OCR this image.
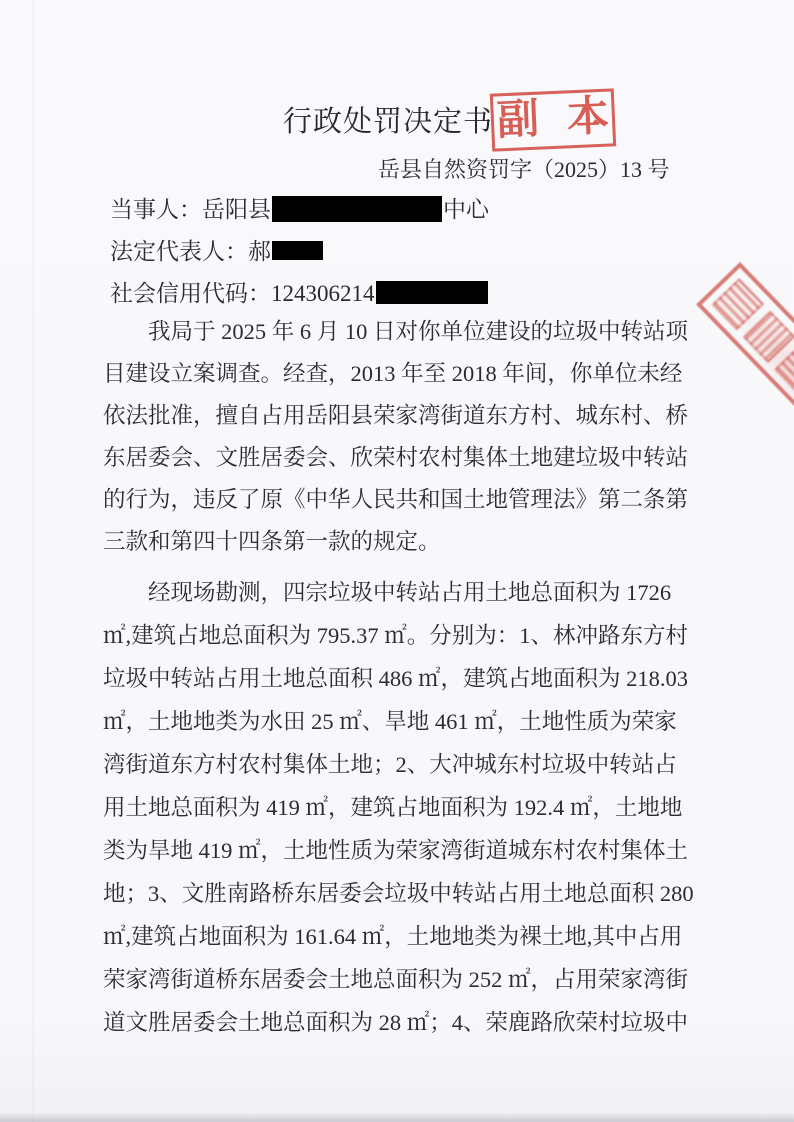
行政处罚决定书 副 本
岳县自然资罚字（2025）13 号
当事人：岳阳县	中心
法定代表人：郝
社会信用代码：124306214
我局于 2025 年 6 月 10 日对你单位建设的垃圾中转站项
目建设立案调查。经查，2013 年至 2018 年间，你单位未经
依法批准，擅自占用岳阳县荣家湾街道东方村、城东村、桥
东居委会、文胜居委会、欣荣村农村集体土地建垃圾中转站
的行为，违反了原《中华人民共和国土地管理法》第二条第
三款和第四十四条第一款的规定。
经现场勘测，四宗垃圾中转站占用土地总面积为 1726
㎡,建筑占地总面积为 795.37 ㎡。分别为：1、林冲路东方村
垃圾中转站占用土地总面积 486 ㎡，建筑占地面积为 218.03
㎡，土地地类为水田 25 ㎡、旱地 461 ㎡，土地性质为荣家
湾街道东方村农村集体土地；2、大冲城东村垃圾中转站占
用土地总面积为 419 ㎡，建筑占地面积为 192.4 ㎡，土地地
类为旱地 419 ㎡，土地性质为荣家湾街道城东村农村集体土
地；3、文胜南路桥东居委会垃圾中转站占用土地总面积 280
㎡,建筑占地面积为 161.64 ㎡，土地地类为裸土地,其中占用
荣家湾街道桥东居委会土地总面积为 252 ㎡，占用荣家湾街
道文胜居委会土地总面积为 28 ㎡；4、荣鹿路欣荣村垃圾中
